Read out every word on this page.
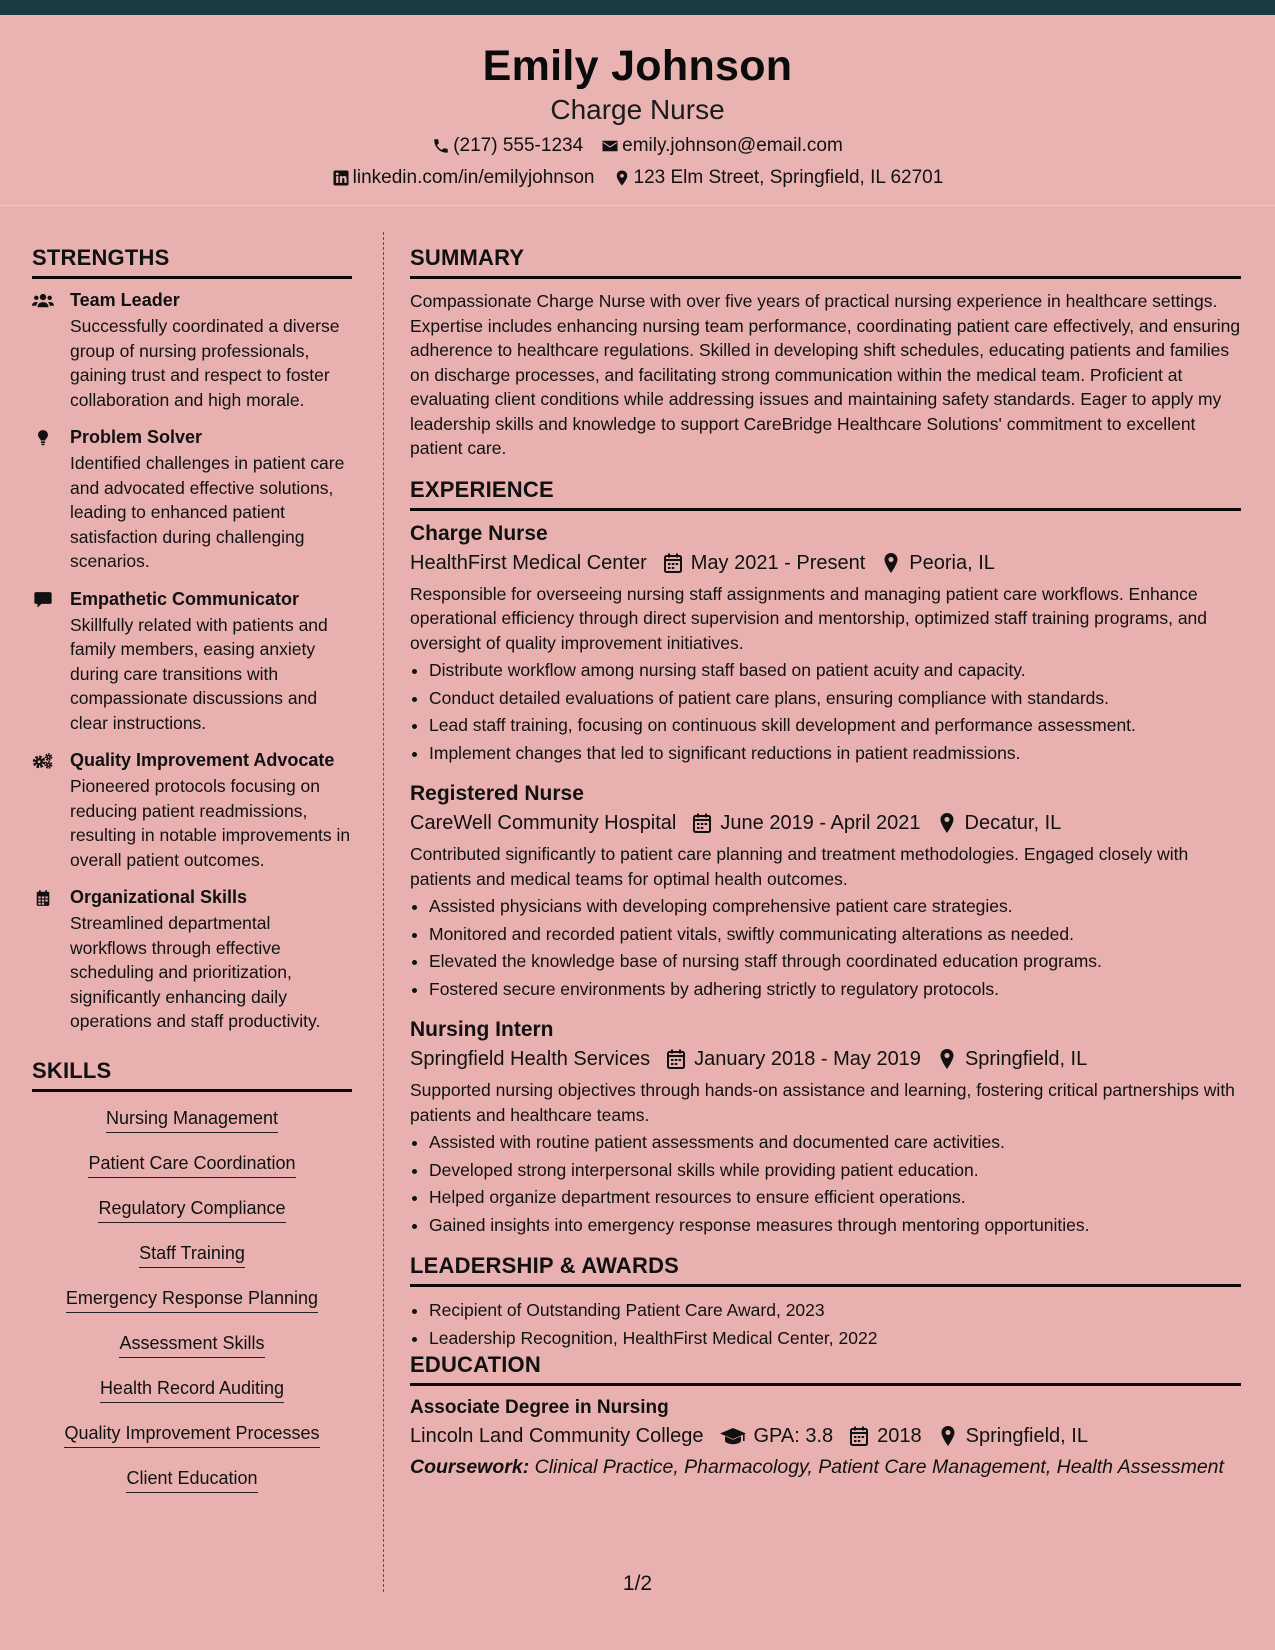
Emily Johnson
Charge Nurse
(217) 555-1234 emily.johnson@email.com
linkedin.com/in/emilyjohnson 123 Elm Street, Springfield, IL 62701
STRENGTHS
Team Leader
Successfully coordinated a diverse group of nursing professionals, gaining trust and respect to foster collaboration and high morale.
Problem Solver
Identified challenges in patient care and advocated effective solutions, leading to enhanced patient satisfaction during challenging scenarios.
Empathetic Communicator
Skillfully related with patients and family members, easing anxiety during care transitions with compassionate discussions and clear instructions.
Quality Improvement Advocate
Pioneered protocols focusing on reducing patient readmissions, resulting in notable improvements in overall patient outcomes.
Organizational Skills
Streamlined departmental workflows through effective scheduling and prioritization, significantly enhancing daily operations and staff productivity.
SKILLS
Nursing Management
Patient Care Coordination
Regulatory Compliance
Staff Training
Emergency Response Planning
Assessment Skills
Health Record Auditing
Quality Improvement Processes
Client Education
SUMMARY
Compassionate Charge Nurse with over five years of practical nursing experience in healthcare settings. Expertise includes enhancing nursing team performance, coordinating patient care effectively, and ensuring adherence to healthcare regulations. Skilled in developing shift schedules, educating patients and families on discharge processes, and facilitating strong communication within the medical team. Proficient at evaluating client conditions while addressing issues and maintaining safety standards. Eager to apply my leadership skills and knowledge to support CareBridge Healthcare Solutions' commitment to excellent patient care.
EXPERIENCE
Charge Nurse
HealthFirst Medical Center May 2021 - Present Peoria, IL
Responsible for overseeing nursing staff assignments and managing patient care workflows. Enhance operational efficiency through direct supervision and mentorship, optimized staff training programs, and oversight of quality improvement initiatives.
• Distribute workflow among nursing staff based on patient acuity and capacity.
• Conduct detailed evaluations of patient care plans, ensuring compliance with standards.
• Lead staff training, focusing on continuous skill development and performance assessment.
• Implement changes that led to significant reductions in patient readmissions.
Registered Nurse
CareWell Community Hospital June 2019 - April 2021 Decatur, IL
Contributed significantly to patient care planning and treatment methodologies. Engaged closely with patients and medical teams for optimal health outcomes.
• Assisted physicians with developing comprehensive patient care strategies.
• Monitored and recorded patient vitals, swiftly communicating alterations as needed.
• Elevated the knowledge base of nursing staff through coordinated education programs.
• Fostered secure environments by adhering strictly to regulatory protocols.
Nursing Intern
Springfield Health Services January 2018 - May 2019 Springfield, IL
Supported nursing objectives through hands-on assistance and learning, fostering critical partnerships with patients and healthcare teams.
• Assisted with routine patient assessments and documented care activities.
• Developed strong interpersonal skills while providing patient education.
• Helped organize department resources to ensure efficient operations.
• Gained insights into emergency response measures through mentoring opportunities.
LEADERSHIP & AWARDS
• Recipient of Outstanding Patient Care Award, 2023
• Leadership Recognition, HealthFirst Medical Center, 2022
EDUCATION
Associate Degree in Nursing
Lincoln Land Community College	GPA: 3.8 2018 Springfield, IL
Coursework: Clinical Practice, Pharmacology, Patient Care Management, Health Assessment
1/2
